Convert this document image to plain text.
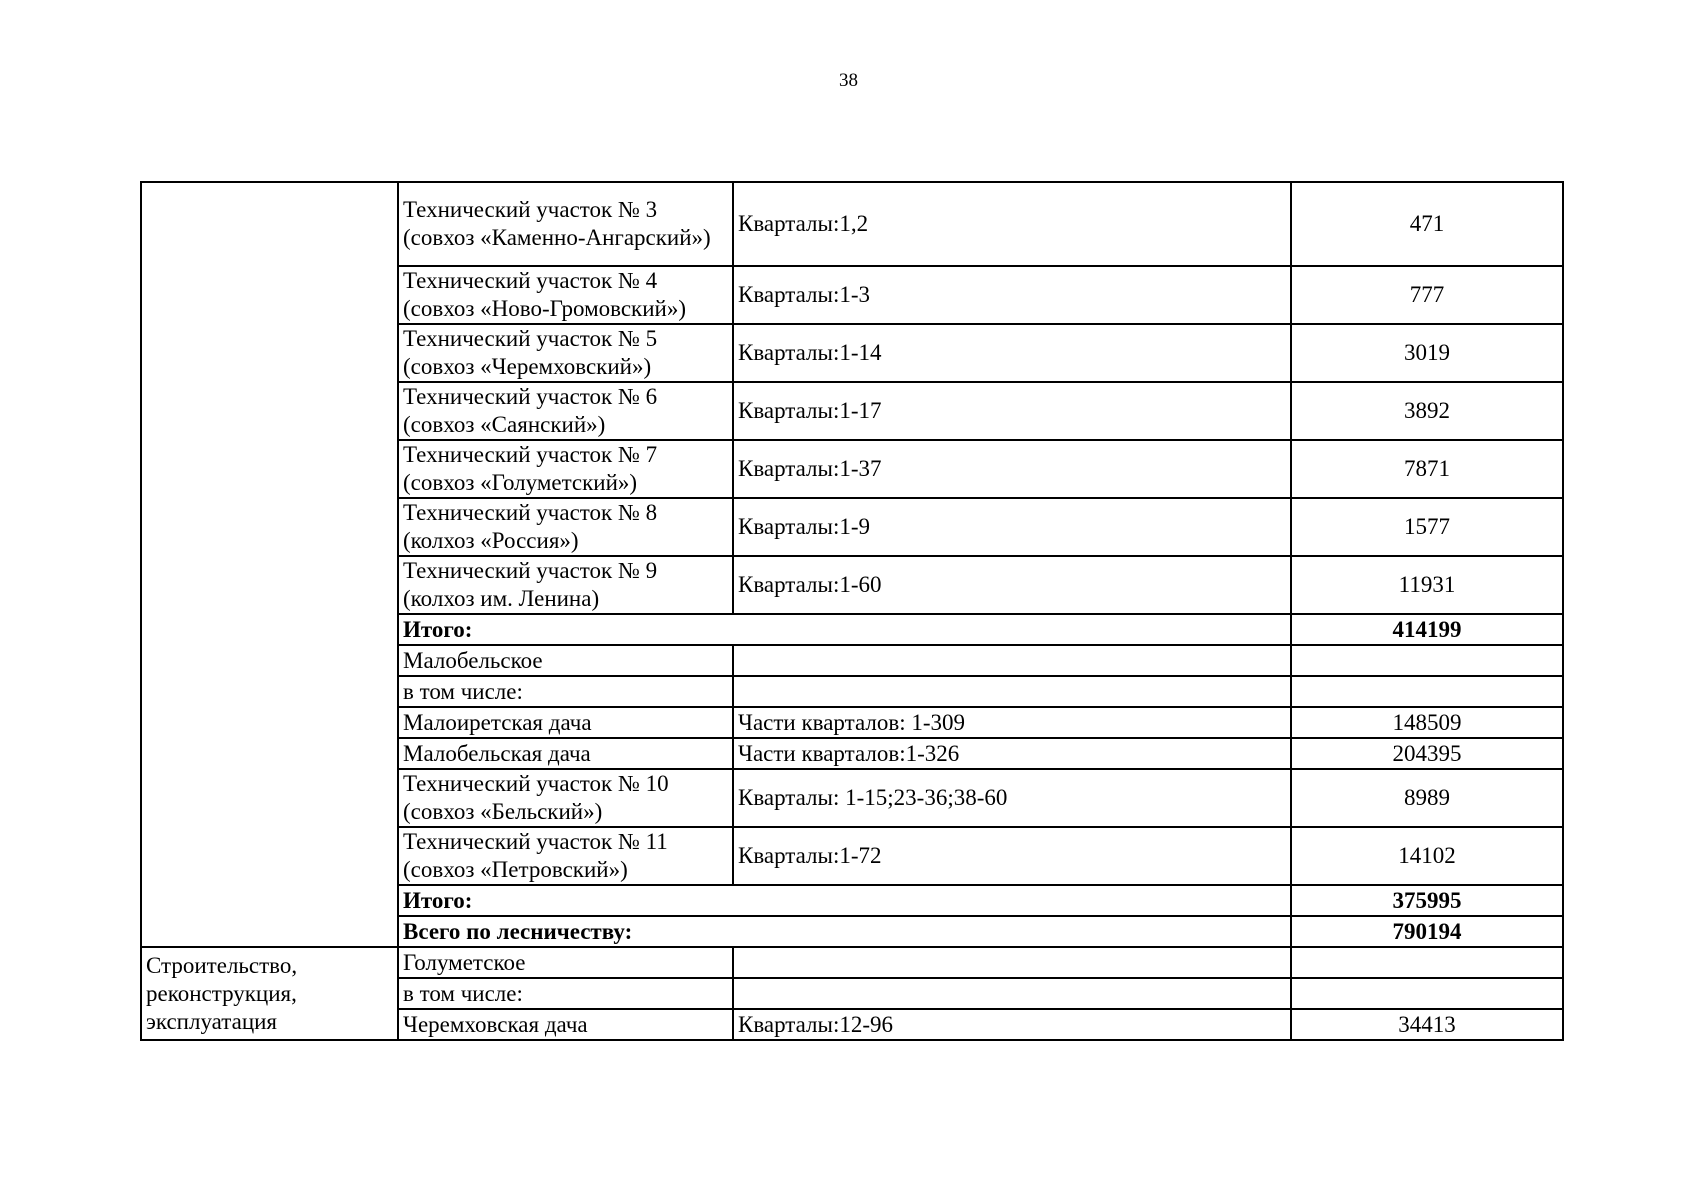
38
	Технический участок № 3 (совхоз «Каменно-Ангарский»)	Кварталы:1,2	471
	Технический участок № 4 (совхоз «Ново-Громовский»)	Кварталы:1-3	777
	Технический участок № 5 (совхоз «Черемховский»)	Кварталы:1-14	3019
	Технический участок № 6 (совхоз «Саянский»)	Кварталы:1-17	3892
	Технический участок № 7 (совхоз «Голуметский»)	Кварталы:1-37	7871
	Технический участок № 8 (колхоз «Россия»)	Кварталы:1-9	1577
	Технический участок № 9 (колхоз им. Ленина)	Кварталы:1-60	11931
	Итого:		414199
	Малобельское		
	в том числе:		
	Малоиретская дача	Части кварталов: 1-309	148509
	Малобельская дача	Части кварталов:1-326	204395
	Технический участок № 10 (совхоз «Бельский»)	Кварталы: 1-15;23-36;38-60	8989
	Технический участок № 11 (совхоз «Петровский»)	Кварталы:1-72	14102
	Итого:		375995
	Всего по лесничеству:		790194
Строительство, реконструкция, эксплуатация	Голуметское		
	в том числе:		
	Черемховская дача	Кварталы:12-96	34413
